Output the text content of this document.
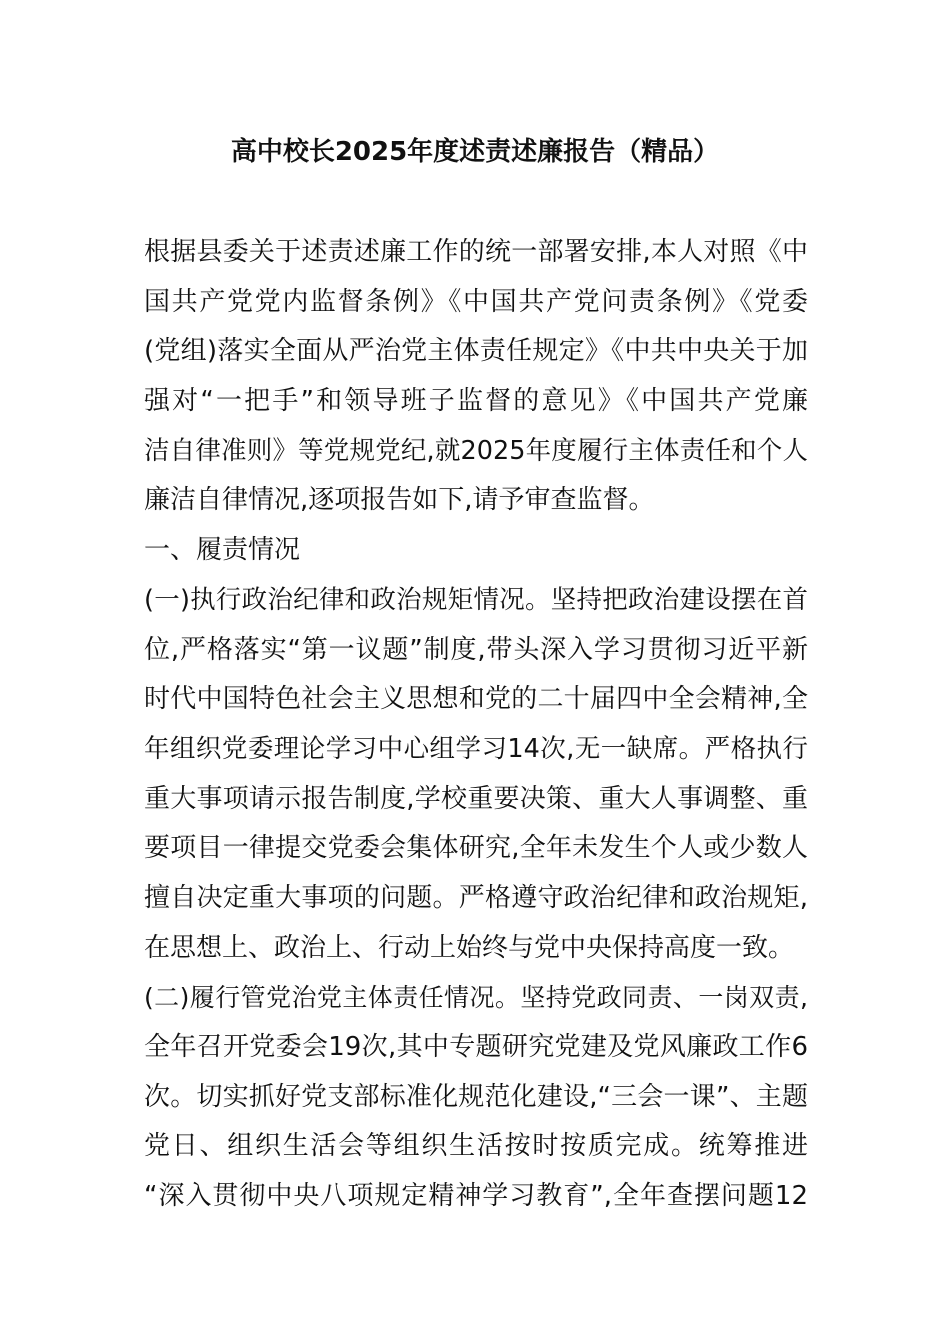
高中校长2025年度述责述廉报告（精品）
根据县委关于述责述廉工作的统一部署安排,本人对照《中
国共产党党内监督条例》《中国共产党问责条例》《党委
(党组)落实全面从严治党主体责任规定》《中共中央关于加
强对“一把手”和领导班子监督的意见》《中国共产党廉
洁自律准则》等党规党纪,就2025年度履行主体责任和个人
廉洁自律情况,逐项报告如下,请予审查监督。
一、履责情况
(一)执行政治纪律和政治规矩情况。坚持把政治建设摆在首
位,严格落实“第一议题”制度,带头深入学习贯彻习近平新
时代中国特色社会主义思想和党的二十届四中全会精神,全
年组织党委理论学习中心组学习14次,无一缺席。严格执行
重大事项请示报告制度,学校重要决策、重大人事调整、重
要项目一律提交党委会集体研究,全年未发生个人或少数人
擅自决定重大事项的问题。严格遵守政治纪律和政治规矩,
在思想上、政治上、行动上始终与党中央保持高度一致。
(二)履行管党治党主体责任情况。坚持党政同责、一岗双责,
全年召开党委会19次,其中专题研究党建及党风廉政工作6
次。切实抓好党支部标准化规范化建设,“三会一课”、主题
党日、组织生活会等组织生活按时按质完成。统筹推进
“深入贯彻中央八项规定精神学习教育”,全年查摆问题12
